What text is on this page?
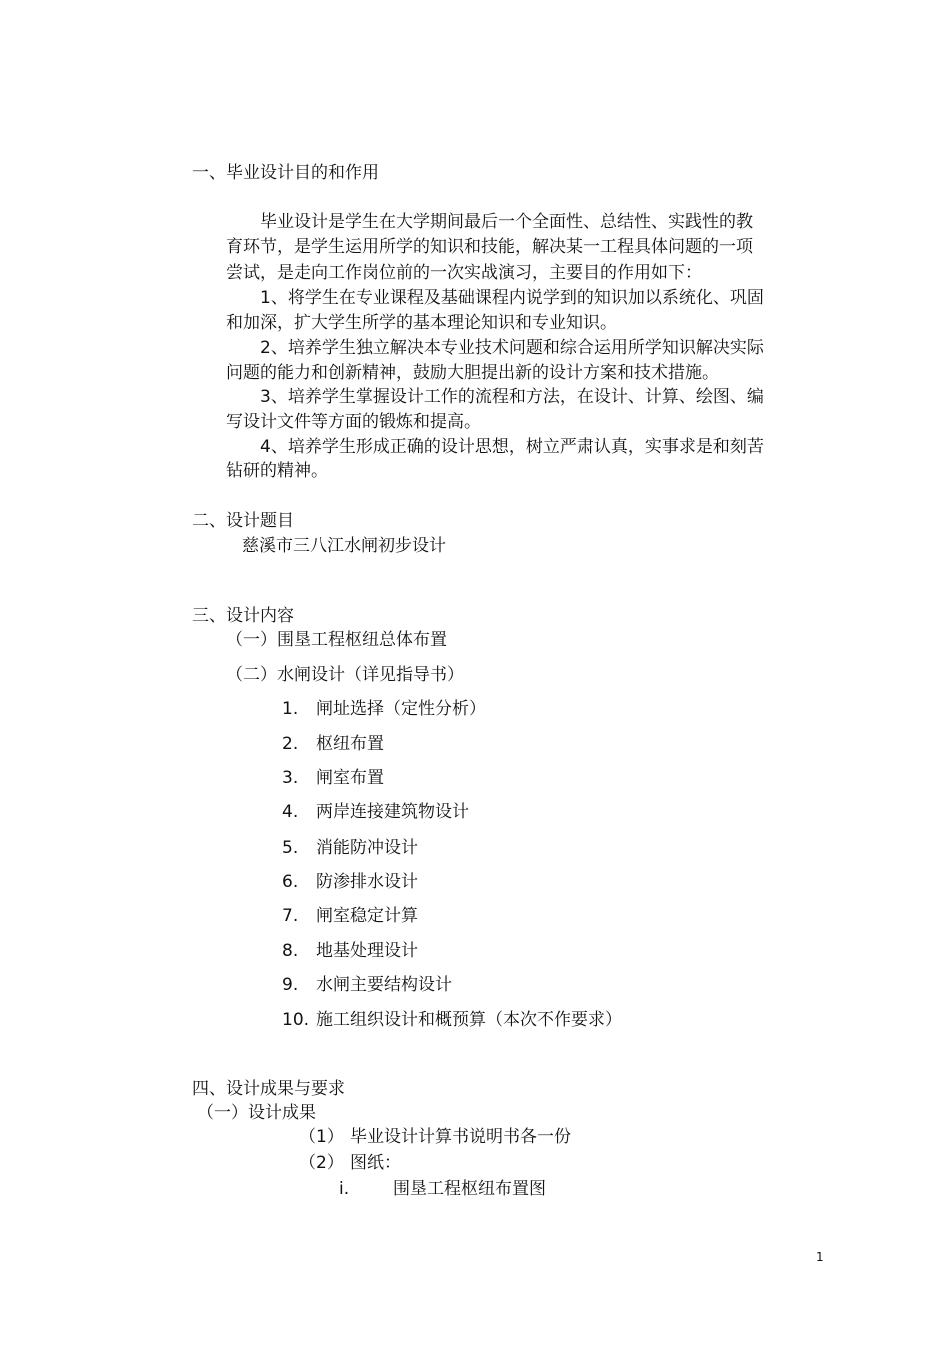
一、毕业设计目的和作用
毕业设计是学生在大学期间最后一个全面性、总结性、实践性的教
育环节，是学生运用所学的知识和技能，解决某一工程具体问题的一项
尝试，是走向工作岗位前的一次实战演习，主要目的作用如下：
1、将学生在专业课程及基础课程内说学到的知识加以系统化、巩固
和加深，扩大学生所学的基本理论知识和专业知识。
2、培养学生独立解决本专业技术问题和综合运用所学知识解决实际
问题的能力和创新精神，鼓励大胆提出新的设计方案和技术措施。
3、培养学生掌握设计工作的流程和方法，在设计、计算、绘图、编
写设计文件等方面的锻炼和提高。
4、培养学生形成正确的设计思想，树立严肃认真，实事求是和刻苦
钻研的精神。
二、设计题目
慈溪市三八江水闸初步设计
三、设计内容
（一）围垦工程枢纽总体布置
（二）水闸设计（详见指导书）
1. 闸址选择（定性分析）
2. 枢纽布置
3. 闸室布置
4. 两岸连接建筑物设计
5. 消能防冲设计
6. 防渗排水设计
7. 闸室稳定计算
8. 地基处理设计
9. 水闸主要结构设计
10. 施工组织设计和概预算（本次不作要求）
四、设计成果与要求
（一）设计成果
（1） 毕业设计计算书说明书各一份
（2） 图纸：
i.	围垦工程枢纽布置图
1
